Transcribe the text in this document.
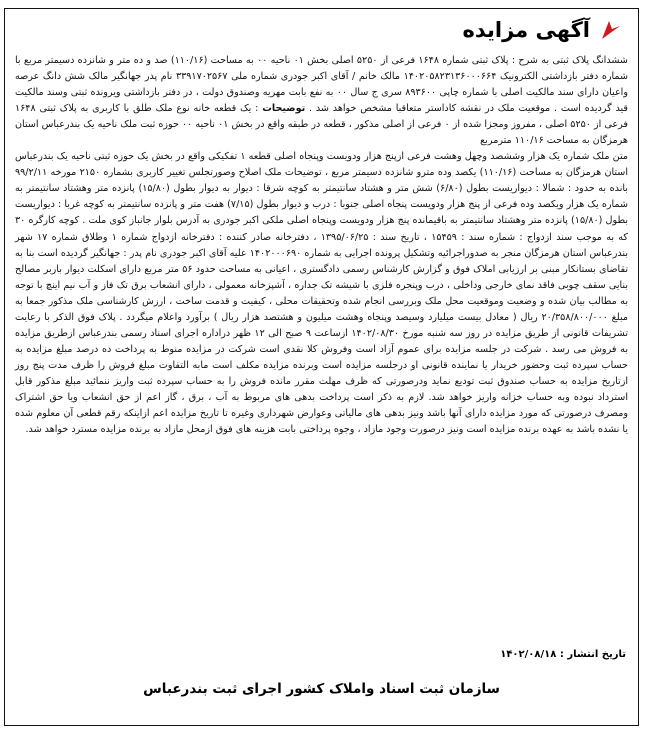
آگهی مزایده

ششدانگ پلاک ثبتی به شرح : پلاک ثبتی شماره ۱۶۴۸ فرعی از ۵۲۵۰ اصلی بخش ۰۱ ناحیه ۰۰ به مساحت (۱۱۰/۱۶) صد و ده متر و شانزده دسیمتر مربع با شماره دفتر بازداشتی الکترونیک ۱۴۰۲۰۵۸۲۳۱۳۶۰۰۰۶۶۴ مالک خانم / آقای اکبر جودری شماره ملی ۳۳۹۱۷۰۲۵۶۷ نام پدر جهانگیر مالک شش دانگ عرصه واعیان دارای سند مالکیت اصلی با شماره چاپی ۸۹۳۶۰۰ سری ج سال ۰۰ به نفع بابت مهریه وصندوق دولت ، در دفتر بازداشتی ویرونده ثبتی وسند مالکیت قید گردیده است . موقعیت ملک در نقشه کاداستر متعاقبا مشخص خواهد شد . توضیحات : یک قطعه خانه نوع ملک طلق با کاربری به پلاک ثبتی ۱۶۴۸ فرعی از ۵۲۵۰ اصلی ، مفروز ومجزا شده از ۰ فرعی از اصلی مذکور ، قطعه در طبقه واقع در بخش ۰۱ ناحیه ۰۰ حوزه ثبت ملک ناحیه یک بندرعباس استان هرمزگان به مساحت ۱۱۰/۱۶ مترمربع

متن ملک شماره یک هزار وششصد وچهل وهشت فرعی ازپنج هزار ودویست وپنجاه اصلی قطعه ۱ تفکیکی واقع در بخش یک حوزه ثبتی ناحیه یک بندرعباس استان هرمزگان به مساحت (۱۱۰/۱۶) یکصد وده مترو شانزده دسیمتر مربع ، توضیحات ملک اصلاح وصورتجلس تغییر کاربری بشماره ۲۱۵۰ مورخه ۹۹/۲/۱۱ بانده به حدود : شمالا : دیواریست بطول (۶/۸۰) شش متر و هشتاد سانتیمتر به کوچه شرقا : دیوار به دیوار بطول (۱۵/۸۰) پانزده متر وهشتاد سانتیمتر به شماره یک هزار ویکصد وده فرعی از پنج هزار ودویست پنجاه اصلی جنوبا : درب و دیوار بطول (۷/۱۵) هفت متر و پانزده سانتیمتر به کوچه غربا : دیواریست بطول (۱۵/۸۰) پانزده متر وهشتاد سانتیمتر به باقیمانده پنج هزار ودویست وپنجاه اصلی ملکی اکبر جودری به آدرس بلوار جانباز کوی ملت . کوچه کارگره ۳۰ که به موجب سند ازدواج : شماره سند : ۱۵۴۵۹ ، تاریخ سند : ۱۳۹۵/۰۶/۲۵ ، دفترخانه صادر کننده : دفترخانه ازدواج شماره ۱ وطلاق شماره ۱۷ شهر بندرعباس استان هرمزگان منجر به صدوراجرائیه وتشکیل پرونده اجرایی به شماره ۱۴۰۲۰۰۰۶۹۰ علیه آقای اکبر جودری نام پدر : جهانگیر گردیده است بنا به تقاضای بستانکار مبنی بر ارزیابی املاک فوق و گزارش کارشناس رسمی دادگستری ، اعیانی به مساحت حدود ۵۶ متر مربع دارای اسکلت دیوار باربر مصالح بنایی سقف چوبی فاقد نمای خارجی وداخلی ، درب وپنجره فلزی با شیشه تک جداره ، آشپزخانه معمولی ، دارای انشعاب برق تک فاز و آب نیم اینچ با توجه به مطالب بیان شده و وضعیت وموقعیت محل ملک وبررسی انجام شده وتحقیقات محلی ، کیفیت و قدمت ساخت ، ارزش کارشناسی ملک مذکور جمعا به مبلغ ۲۰/۳۵۸/۸۰۰/۰۰۰ ریال ( معادل بیست میلیارد وسیصد وپنجاه وهشت میلیون و هشتصد هزار ریال ) برآورد واعلام میگردد . پلاک فوق الذکر با رعایت تشریفات قانونی از طریق مزایده در روز سه شنبه مورخ ۱۴۰۲/۰۸/۳۰ ازساعت ۹ صبح الی ۱۲ ظهر دراداره اجرای اسناد رسمی بندرعباس ازطریق مزایده به فروش می رسد . شرکت در جلسه مزایده برای عموم آزاد است وفروش کلا نقدی است شرکت در مزایده منوط به پرداخت ده درصد مبلغ مزایده به حساب سپرده ثبت وحضور خریدار یا نماینده قانونی او درجلسه مزایده است وبرنده مزایده مکلف است مابه التفاوت مبلغ فروش را ظرف مدت پنج روز ازتاریخ مزایده به حساب صندوق ثبت تودیع نماید ودرصورتی که ظرف مهلت مقرر مانده فروش را به حساب سپرده ثبت واریز ننمائید مبلغ مذکور قابل استرداد نبوده وبه حساب خزانه واریز خواهد شد. لازم به ذکر است پرداخت بدهی های مربوط به آب ، برق ، گاز اعم از حق انشعاب ویا حق اشتراک ومصرف درصورتی که مورد مزایده دارای آنها باشد ونیز بدهی های مالیاتی وعوارض شهرداری وغیره تا تاریخ مزایده اعم ازاینکه رقم قطعی آن معلوم شده یا نشده باشد به عهده برنده مزایده است ونیز درصورت وجود مازاد ، وجوه پرداختی بابت هزینه های فوق ازمحل مازاد به برنده مزایده مسترد خواهد شد.

تاریخ انتشار : ۱۴۰۲/۰۸/۱۸
سازمان ثبت اسناد واملاک کشور اجرای ثبت بندرعباس
